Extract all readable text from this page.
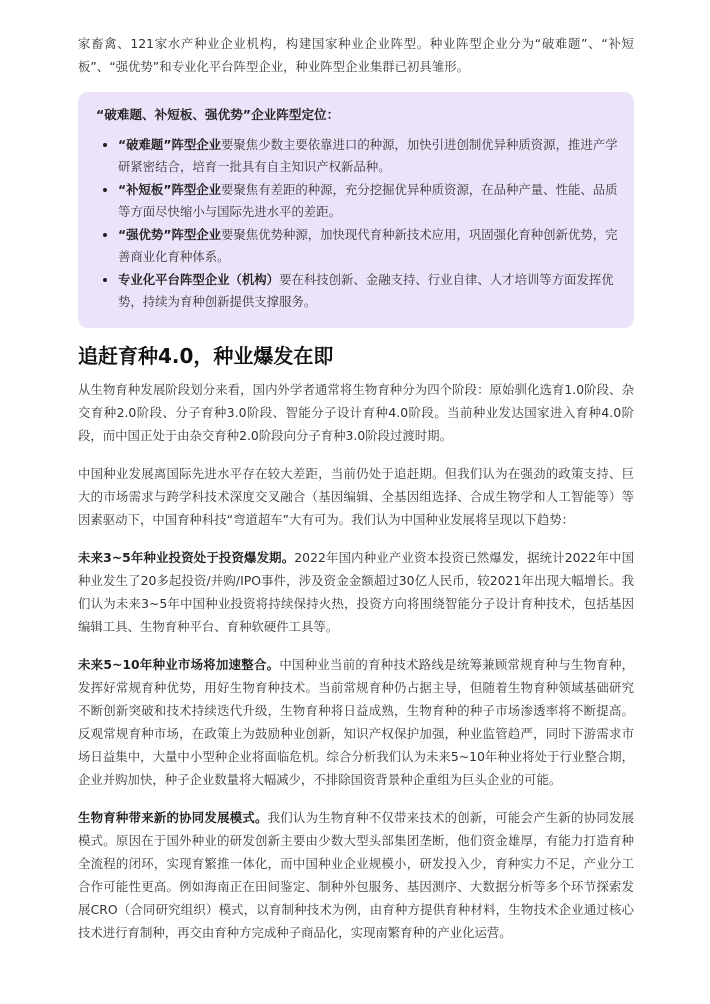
家畜禽、121家水产种业企业机构，构建国家种业企业阵型。种业阵型企业分为“破难题”、“补短板”、“强优势”和专业化平台阵型企业，种业阵型企业集群已初具雏形。

“破难题、补短板、强优势”企业阵型定位：
• “破难题”阵型企业要聚焦少数主要依靠进口的种源，加快引进创制优异种质资源，推进产学研紧密结合，培育一批具有自主知识产权新品种。
• “补短板”阵型企业要聚焦有差距的种源，充分挖掘优异种质资源，在品种产量、性能、品质等方面尽快缩小与国际先进水平的差距。
• “强优势”阵型企业要聚焦优势种源，加快现代育种新技术应用，巩固强化育种创新优势，完善商业化育种体系。
• 专业化平台阵型企业（机构）要在科技创新、金融支持、行业自律、人才培训等方面发挥优势，持续为育种创新提供支撑服务。
追赶育种4.0，种业爆发在即

从生物育种发展阶段划分来看，国内外学者通常将生物育种分为四个阶段：原始驯化选育1.0阶段、杂交育种2.0阶段、分子育种3.0阶段、智能分子设计育种4.0阶段。当前种业发达国家进入育种4.0阶段，而中国正处于由杂交育种2.0阶段向分子育种3.0阶段过渡时期。

中国种业发展离国际先进水平存在较大差距，当前仍处于追赶期。但我们认为在强劲的政策支持、巨大的市场需求与跨学科技术深度交叉融合（基因编辑、全基因组选择、合成生物学和人工智能等）等因素驱动下，中国育种科技“弯道超车”大有可为。我们认为中国种业发展将呈现以下趋势：

未来3~5年种业投资处于投资爆发期。2022年国内种业产业资本投资已然爆发，据统计2022年中国种业发生了20多起投资/并购/IPO事件，涉及资金金额超过30亿人民币，较2021年出现大幅增长。我们认为未来3~5年中国种业投资将持续保持火热，投资方向将围绕智能分子设计育种技术，包括基因编辑工具、生物育种平台、育种软硬件工具等。

未来5~10年种业市场将加速整合。中国种业当前的育种技术路线是统筹兼顾常规育种与生物育种，发挥好常规育种优势，用好生物育种技术。当前常规育种仍占据主导，但随着生物育种领域基础研究不断创新突破和技术持续迭代升级，生物育种将日益成熟，生物育种的种子市场渗透率将不断提高。反观常规育种市场，在政策上为鼓励种业创新，知识产权保护加强，种业监管趋严，同时下游需求市场日益集中，大量中小型种企业将面临危机。综合分析我们认为未来5~10年种业将处于行业整合期，企业并购加快，种子企业数量将大幅减少，不排除国资背景种企重组为巨头企业的可能。

生物育种带来新的协同发展模式。我们认为生物育种不仅带来技术的创新，可能会产生新的协同发展模式。原因在于国外种业的研发创新主要由少数大型头部集团垄断，他们资金雄厚，有能力打造育种全流程的闭环，实现育繁推一体化，而中国种业企业规模小，研发投入少，育种实力不足，产业分工合作可能性更高。例如海南正在田间鉴定、制种外包服务、基因测序、大数据分析等多个环节探索发展CRO（合同研究组织）模式，以育制种技术为例，由育种方提供育种材料，生物技术企业通过核心技术进行育制种，再交由育种方完成种子商品化，实现南繁育种的产业化运营。
